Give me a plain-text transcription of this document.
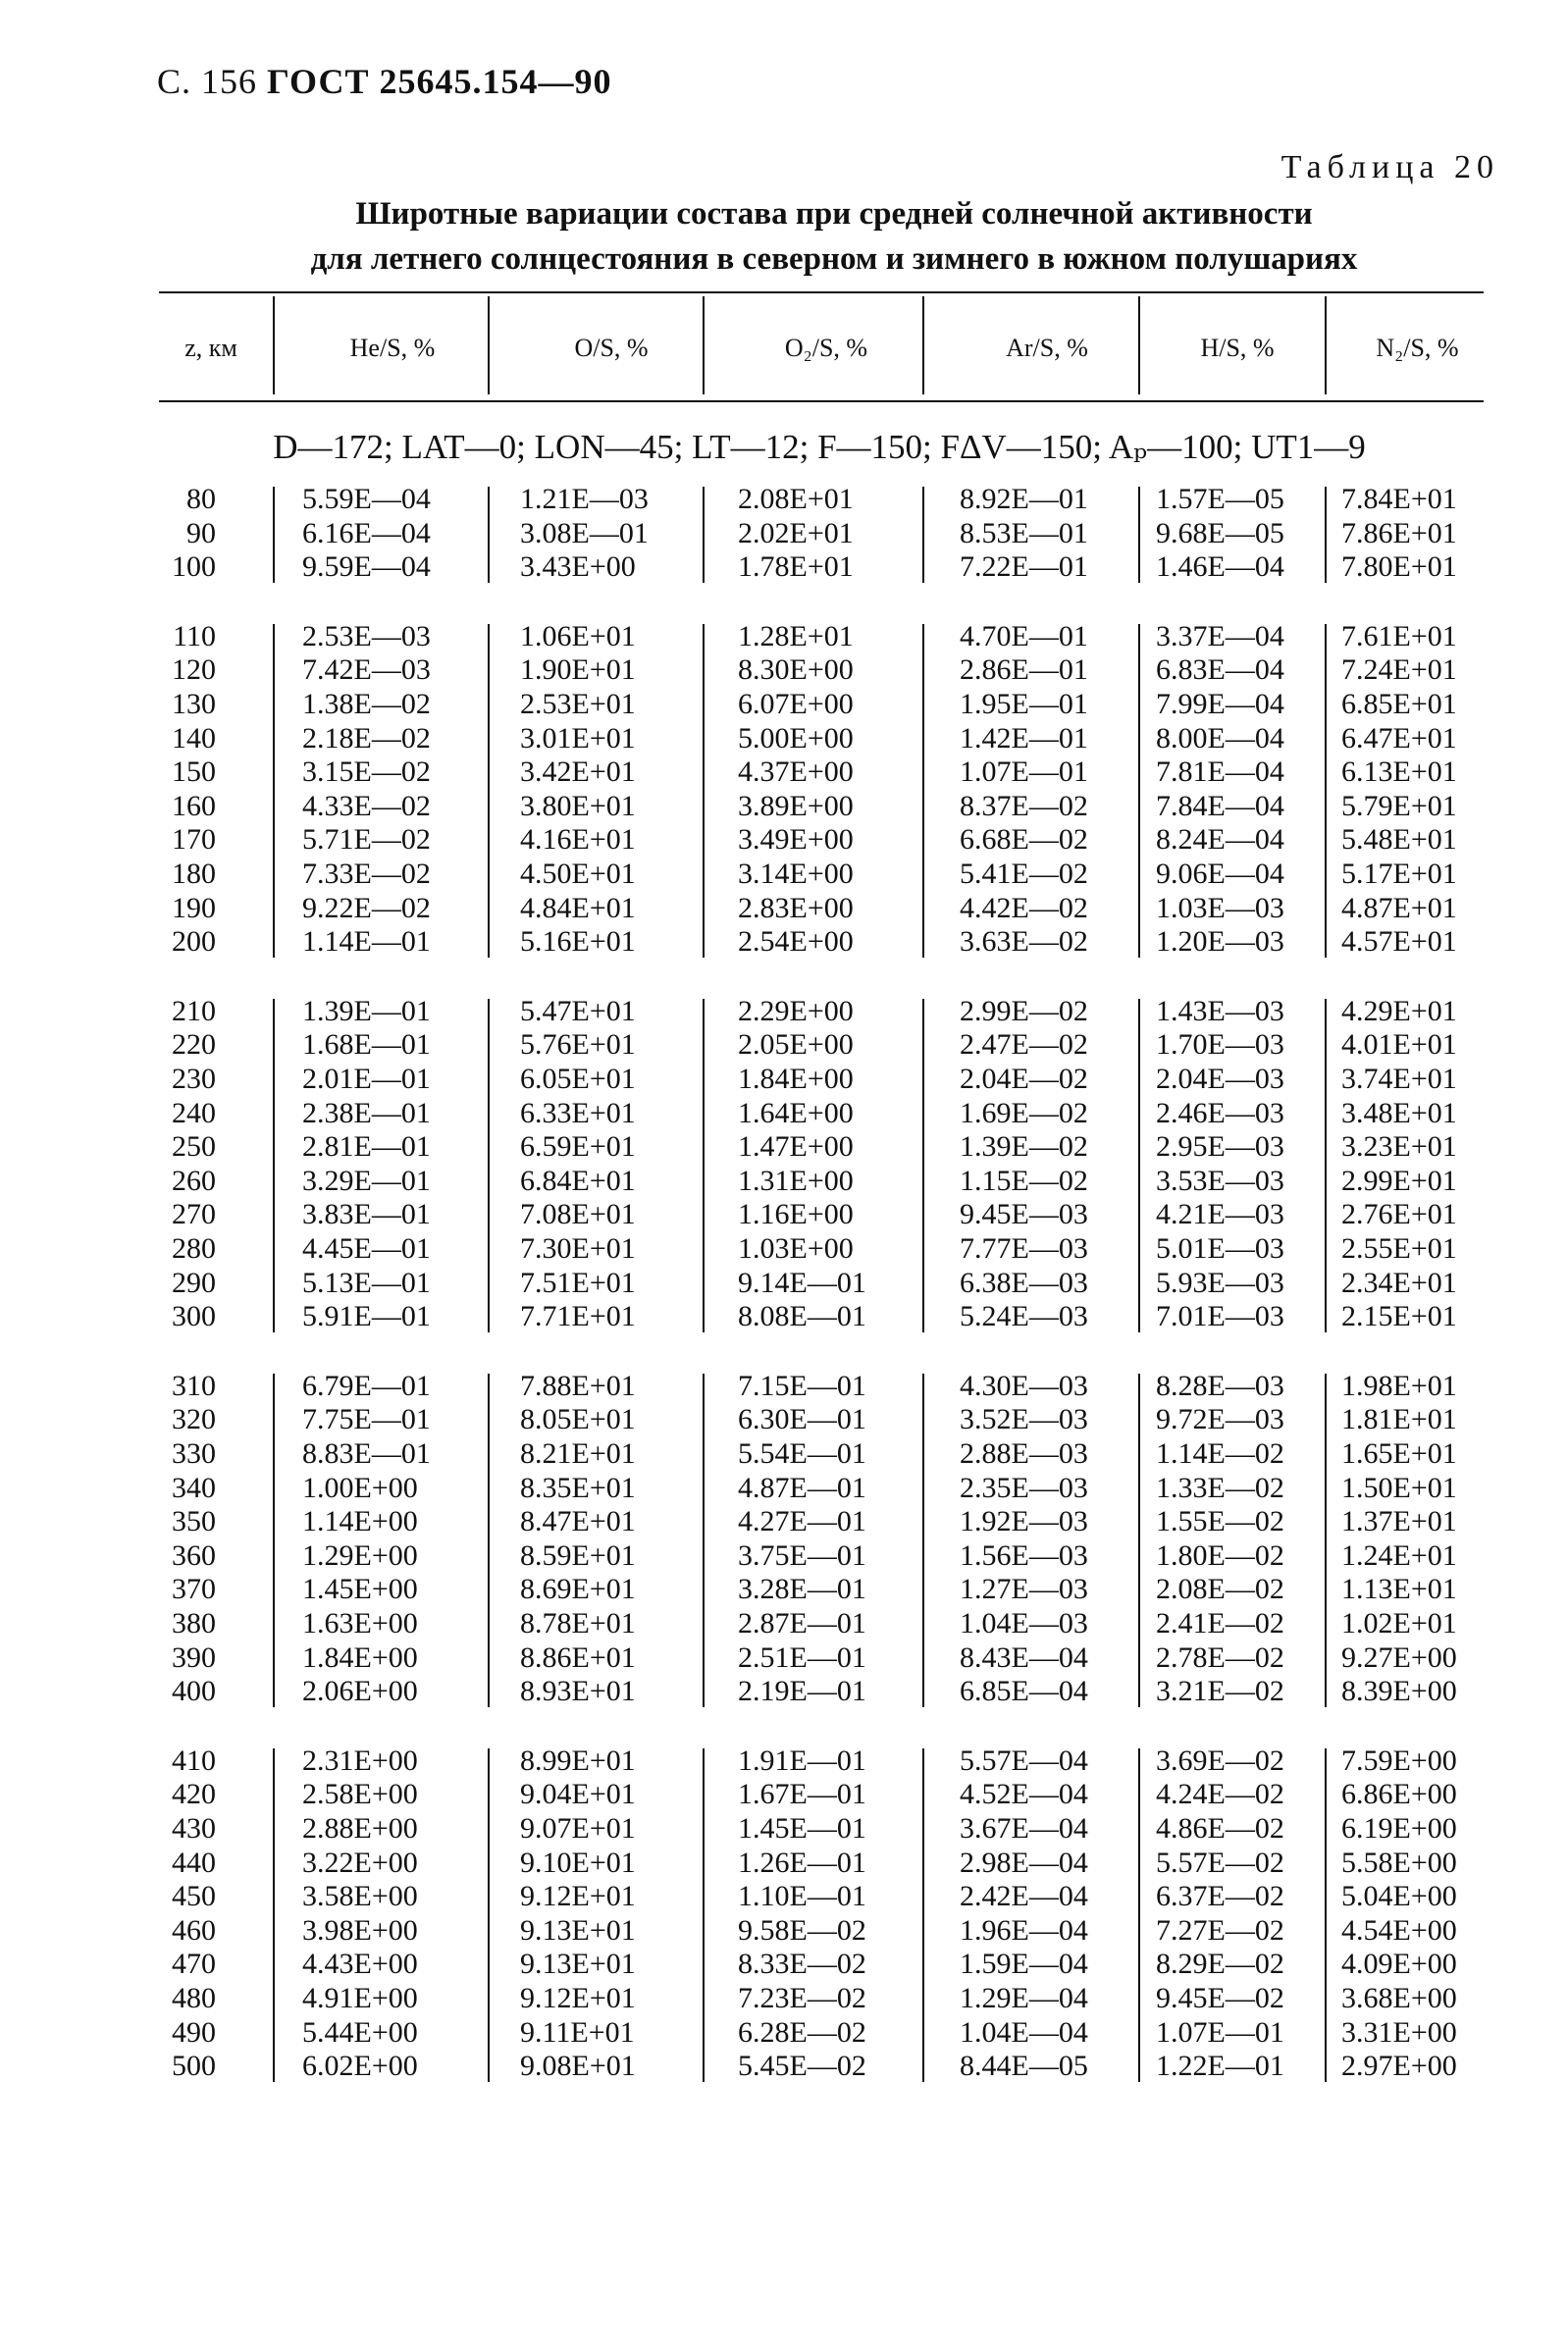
С. 156 ГОСТ 25645.154—90
Таблица 20
Широтные вариации состава при средней солнечной активности
для летнего солнцестояния в северном и зимнего в южном полушариях
z, км	He/S, %	O/S, %	O₂/S, %	Ar/S, %	H/S, %	N₂/S, %
D—172; LAT—0; LON—45; LT—12; F—150; FΔV—150; Aₚ—100; UT1—9
80	5.59E—04	1.21E—03	2.08E+01	8.92E—01 1.57E—05 7.84E+01
90	6.16E—04	3.08E—01	2.02E+01	8.53E—01 9.68E—05 7.86E+01
100	9.59E—04	3.43E+00	1.78E+01	7.22E—01 1.46E—04 7.80E+01
110	2.53E—03	1.06E+01	1.28E+01	4.70E—01 3.37E—04 7.61E+01
120	7.42E—03	1.90E+01	8.30E+00	2.86E—01 6.83E—04 7.24E+01
130	1.38E—02	2.53E+01	6.07E+00	1.95E—01 7.99E—04 6.85E+01
140	2.18E—02	3.01E+01	5.00E+00	1.42E—01 8.00E—04 6.47E+01
150	3.15E—02	3.42E+01	4.37E+00	1.07E—01 7.81E—04 6.13E+01
160	4.33E—02	3.80E+01	3.89E+00	8.37E—02 7.84E—04 5.79E+01
170	5.71E—02	4.16E+01	3.49E+00	6.68E—02 8.24E—04 5.48E+01
180	7.33E—02	4.50E+01	3.14E+00	5.41E—02 9.06E—04 5.17E+01
190	9.22E—02	4.84E+01	2.83E+00	4.42E—02 1.03E—03 4.87E+01
200	1.14E—01	5.16E+01	2.54E+00	3.63E—02 1.20E—03 4.57E+01
210	1.39E—01	5.47E+01	2.29E+00	2.99E—02 1.43E—03 4.29E+01
220	1.68E—01	5.76E+01	2.05E+00	2.47E—02 1.70E—03 4.01E+01
230	2.01E—01	6.05E+01	1.84E+00	2.04E—02 2.04E—03 3.74E+01
240	2.38E—01	6.33E+01	1.64E+00	1.69E—02 2.46E—03 3.48E+01
250	2.81E—01	6.59E+01	1.47E+00	1.39E—02 2.95E—03 3.23E+01
260	3.29E—01	6.84E+01	1.31E+00	1.15E—02 3.53E—03 2.99E+01
270	3.83E—01	7.08E+01	1.16E+00	9.45E—03 4.21E—03 2.76E+01
280	4.45E—01	7.30E+01	1.03E+00	7.77E—03 5.01E—03 2.55E+01
290	5.13E—01	7.51E+01	9.14E—01	6.38E—03 5.93E—03 2.34E+01
300	5.91E—01	7.71E+01	8.08E—01	5.24E—03 7.01E—03 2.15E+01
310	6.79E—01	7.88E+01	7.15E—01	4.30E—03 8.28E—03 1.98E+01
320	7.75E—01	8.05E+01	6.30E—01	3.52E—03 9.72E—03 1.81E+01
330	8.83E—01	8.21E+01	5.54E—01	2.88E—03 1.14E—02 1.65E+01
340	1.00E+00	8.35E+01	4.87E—01	2.35E—03 1.33E—02 1.50E+01
350	1.14E+00	8.47E+01	4.27E—01	1.92E—03 1.55E—02 1.37E+01
360	1.29E+00	8.59E+01	3.75E—01	1.56E—03 1.80E—02 1.24E+01
370	1.45E+00	8.69E+01	3.28E—01	1.27E—03 2.08E—02 1.13E+01
380	1.63E+00	8.78E+01	2.87E—01	1.04E—03 2.41E—02 1.02E+01
390	1.84E+00	8.86E+01	2.51E—01	8.43E—04 2.78E—02 9.27E+00
400	2.06E+00	8.93E+01	2.19E—01	6.85E—04 3.21E—02 8.39E+00
410	2.31E+00	8.99E+01	1.91E—01	5.57E—04 3.69E—02 7.59E+00
420	2.58E+00	9.04E+01	1.67E—01	4.52E—04 4.24E—02 6.86E+00
430	2.88E+00	9.07E+01	1.45E—01	3.67E—04 4.86E—02 6.19E+00
440	3.22E+00	9.10E+01	1.26E—01	2.98E—04 5.57E—02 5.58E+00
450	3.58E+00	9.12E+01	1.10E—01	2.42E—04 6.37E—02 5.04E+00
460	3.98E+00	9.13E+01	9.58E—02	1.96E—04 7.27E—02 4.54E+00
470	4.43E+00	9.13E+01	8.33E—02	1.59E—04 8.29E—02 4.09E+00
480	4.91E+00	9.12E+01	7.23E—02	1.29E—04 9.45E—02 3.68E+00
490	5.44E+00	9.11E+01	6.28E—02	1.04E—04 1.07E—01 3.31E+00
500	6.02E+00	9.08E+01	5.45E—02	8.44E—05 1.22E—01 2.97E+00
